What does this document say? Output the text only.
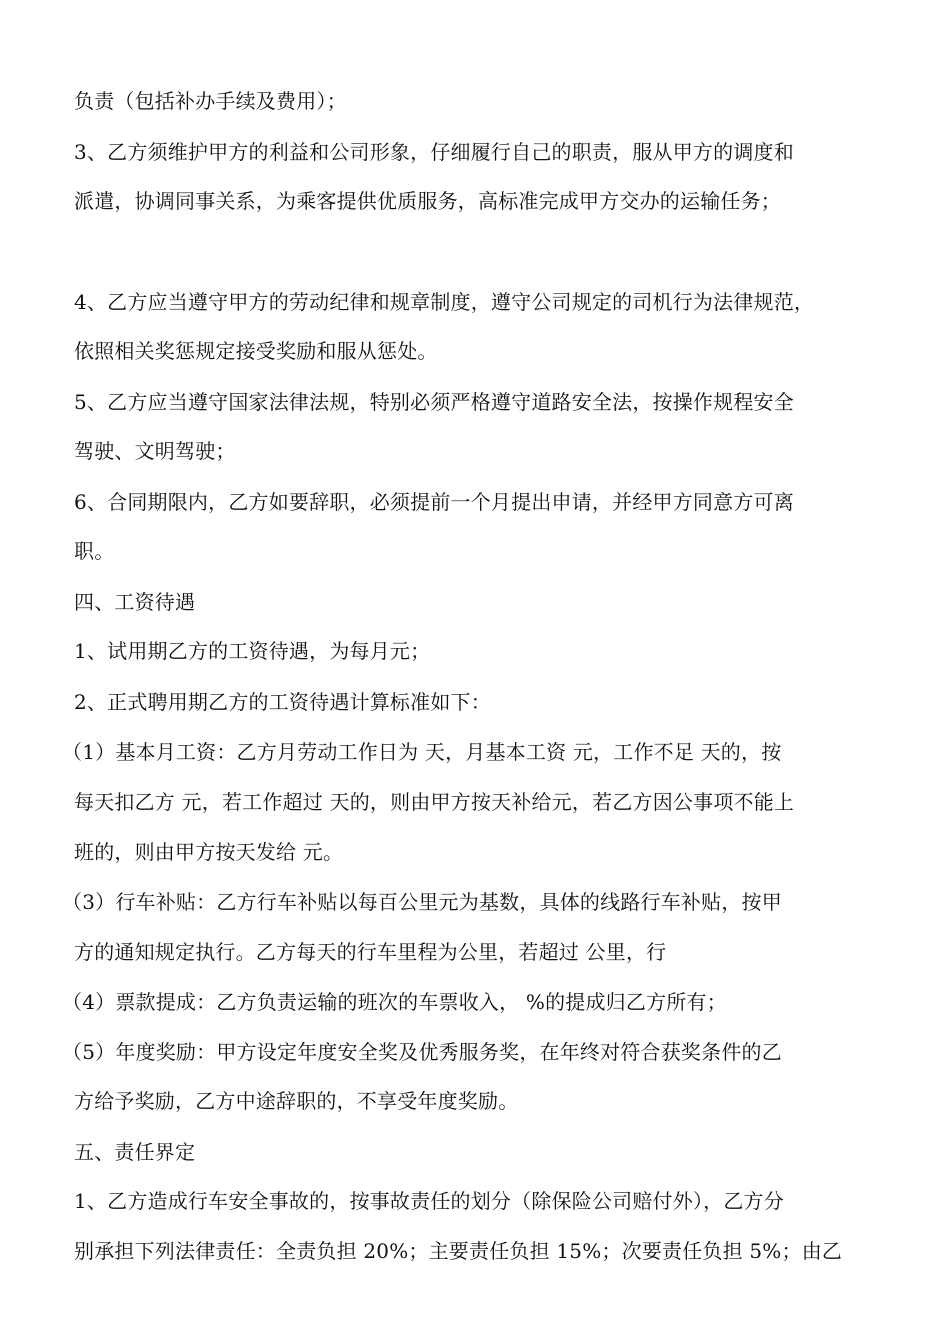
负责（包括补办手续及费用）；
3、乙方须维护甲方的利益和公司形象，仔细履行自己的职责，服从甲方的调度和
派遣，协调同事关系，为乘客提供优质服务，高标准完成甲方交办的运输任务；
4、乙方应当遵守甲方的劳动纪律和规章制度，遵守公司规定的司机行为法律规范，
依照相关奖惩规定接受奖励和服从惩处。
5、乙方应当遵守国家法律法规，特别必须严格遵守道路安全法，按操作规程安全
驾驶、文明驾驶；
6、合同期限内，乙方如要辞职，必须提前一个月提出申请，并经甲方同意方可离
职。
四、工资待遇
1、试用期乙方的工资待遇，为每月元；
2、正式聘用期乙方的工资待遇计算标准如下：
（1）基本月工资：乙方月劳动工作日为 天，月基本工资 元，工作不足 天的，按
每天扣乙方 元，若工作超过 天的，则由甲方按天补给元，若乙方因公事项不能上
班的，则由甲方按天发给 元。
（3）行车补贴：乙方行车补贴以每百公里元为基数，具体的线路行车补贴，按甲
方的通知规定执行。乙方每天的行车里程为公里，若超过 公里，行
（4）票款提成：乙方负责运输的班次的车票收入， %的提成归乙方所有；
（5）年度奖励：甲方设定年度安全奖及优秀服务奖，在年终对符合获奖条件的乙
方给予奖励，乙方中途辞职的，不享受年度奖励。
五、责任界定
1、乙方造成行车安全事故的，按事故责任的划分（除保险公司赔付外），乙方分
别承担下列法律责任：全责负担 20%；主要责任负担 15%；次要责任负担 5%；由乙
